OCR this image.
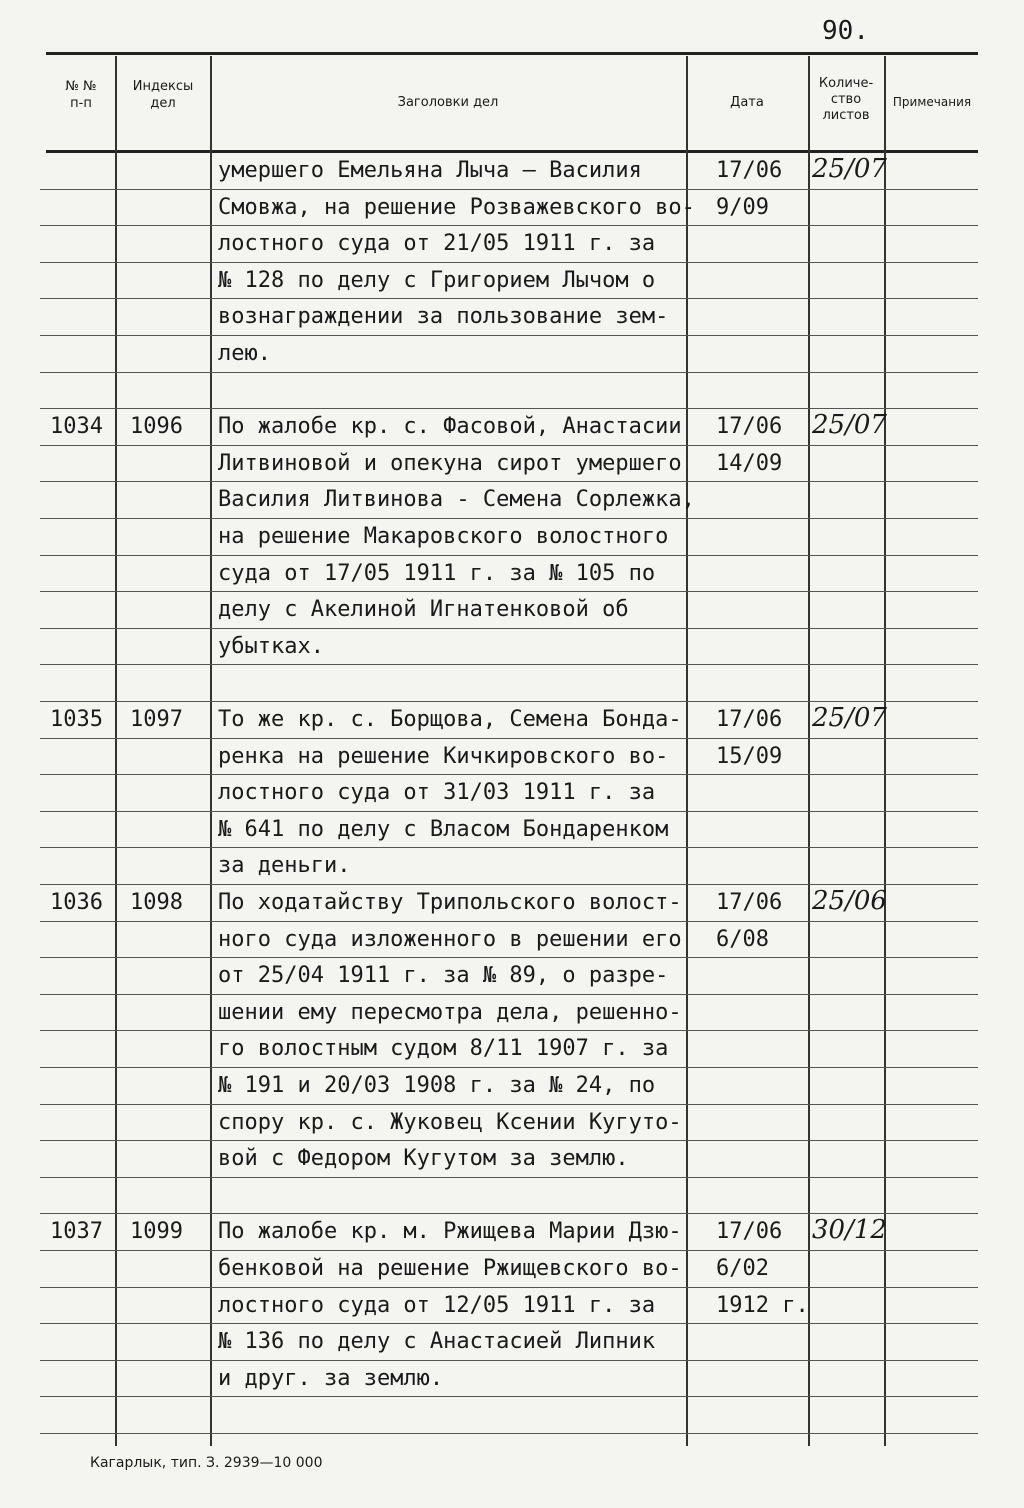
90.
№ №
п-п
Индексы
дел	Заголовки дел	Дата
Количе-
ство
листов
Примечания
умершего Емельяна Лыча – Василия
Смовжа, на решение Розважевского во-
лостного суда от 21/05 1911 г. за
№ 128 по делу с Григорием Лычом о
вознаграждении за пользование зем-
лею.
17/06
9/09
25/07
1034 1096 По жалобе кр. с. Фасовой, Анастасии
Литвиновой и опекуна сирот умершего
Василия Литвинова - Семена Сорлежка,
на решение Макаровского волостного
суда от 17/05 1911 г. за № 105 по
делу с Акелиной Игнатенковой об
убытках.
17/06
14/09
25/07
1035 1097 То же кр. с. Борщова, Семена Бонда-
ренка на решение Кичкировского во-
лостного суда от 31/03 1911 г. за
№ 641 по делу с Власом Бондаренком
за деньги.
17/06
15/09
25/07
1036 1098 По ходатайству Трипольского волост-
ного суда изложенного в решении его
от 25/04 1911 г. за № 89, о разре-
шении ему пересмотра дела, решенно-
го волостным судом 8/11 1907 г. за
№ 191 и 20/03 1908 г. за № 24, по
спору кр. с. Жуковец Ксении Кугуто-
вой с Федором Кугутом за землю.
17/06
6/08
25/06
1037 1099 По жалобе кр. м. Ржищева Марии Дзю-
бенковой на решение Ржищевского во-
лостного суда от 12/05 1911 г. за
№ 136 по делу с Анастасией Липник
и друг. за землю.
17/06
6/02
1912 г.
30/12
Кагарлык, тип. З. 2939—10 000
